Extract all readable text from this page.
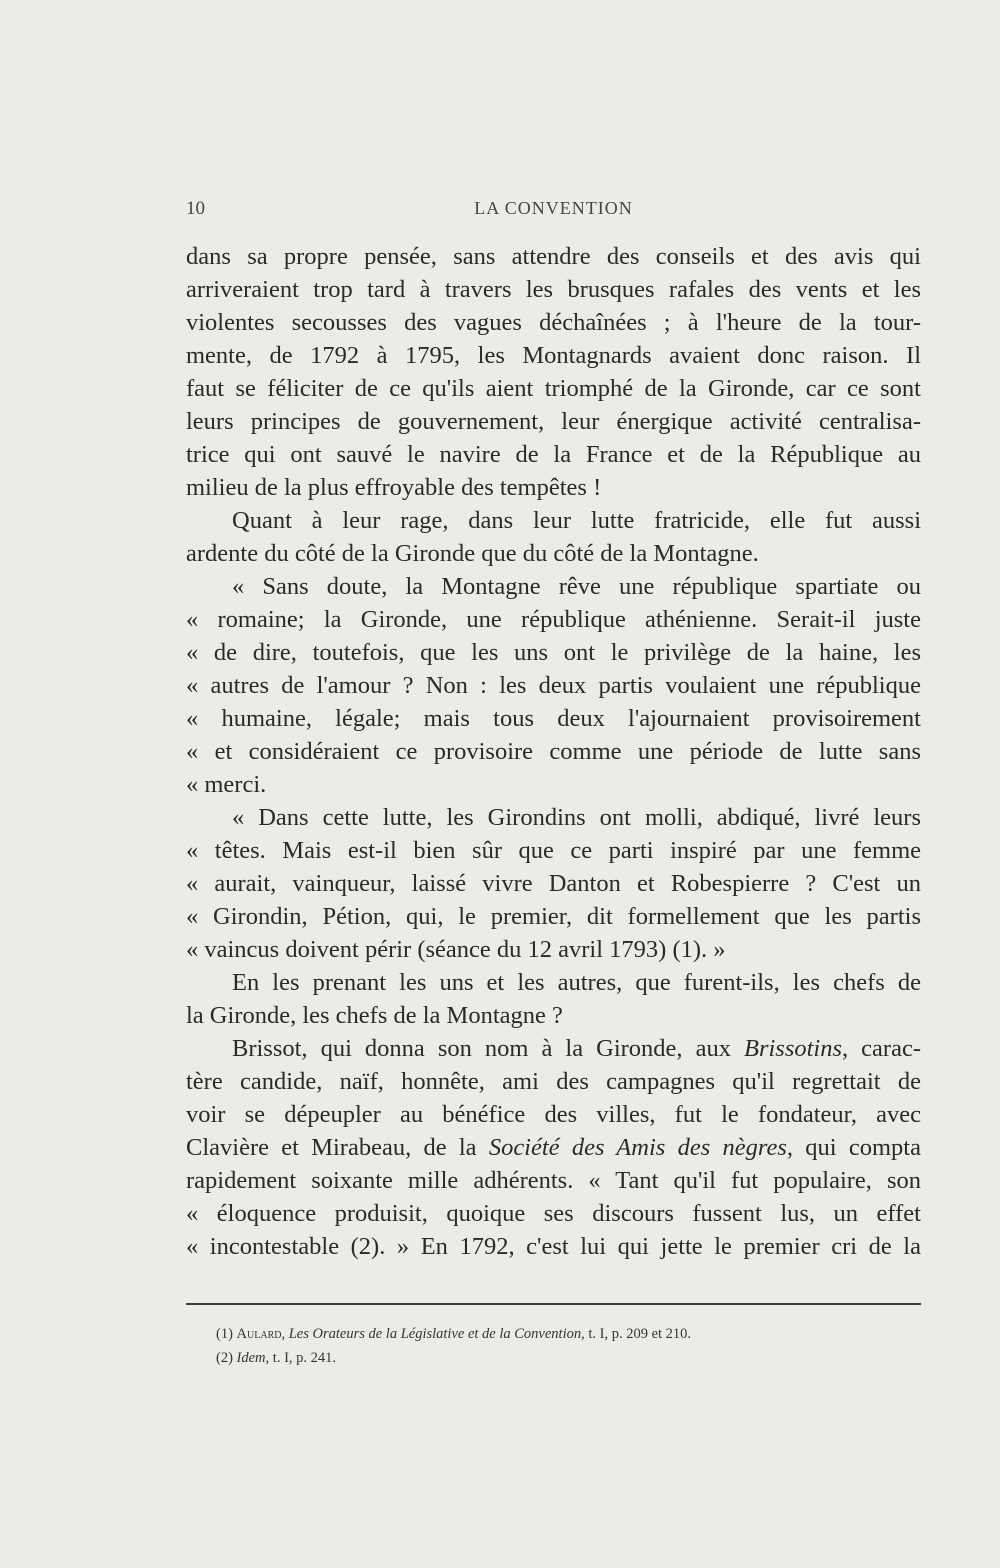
10	LA CONVENTION
dans sa propre pensée, sans attendre des conseils et des avis qui
arriveraient trop tard à travers les brusques rafales des vents et les
violentes secousses des vagues déchaînées ; à l'heure de la tour-
mente, de 1792 à 1795, les Montagnards avaient donc raison. Il
faut se féliciter de ce qu'ils aient triomphé de la Gironde, car ce sont
leurs principes de gouvernement, leur énergique activité centralisa-
trice qui ont sauvé le navire de la France et de la République au
milieu de la plus effroyable des tempêtes !
Quant à leur rage, dans leur lutte fratricide, elle fut aussi
ardente du côté de la Gironde que du côté de la Montagne.
« Sans doute, la Montagne rêve une république spartiate ou
« romaine; la Gironde, une république athénienne. Serait-il juste
« de dire, toutefois, que les uns ont le privilège de la haine, les
« autres de l'amour ? Non : les deux partis voulaient une république
« humaine, légale; mais tous deux l'ajournaient provisoirement
« et considéraient ce provisoire comme une période de lutte sans
« merci.
« Dans cette lutte, les Girondins ont molli, abdiqué, livré leurs
« têtes. Mais est-il bien sûr que ce parti inspiré par une femme
« aurait, vainqueur, laissé vivre Danton et Robespierre ? C'est un
« Girondin, Pétion, qui, le premier, dit formellement que les partis
« vaincus doivent périr (séance du 12 avril 1793) (1). »
En les prenant les uns et les autres, que furent-ils, les chefs de
la Gironde, les chefs de la Montagne ?
Brissot, qui donna son nom à la Gironde, aux Brissotins, carac-
tère candide, naïf, honnête, ami des campagnes qu'il regrettait de
voir se dépeupler au bénéfice des villes, fut le fondateur, avec
Clavière et Mirabeau, de la Société des Amis des nègres, qui compta
rapidement soixante mille adhérents. « Tant qu'il fut populaire, son
« éloquence produisit, quoique ses discours fussent lus, un effet
« incontestable (2). » En 1792, c'est lui qui jette le premier cri de la
(1) Aulard, Les Orateurs de la Législative et de la Convention, t. I, p. 209 et 210.
(2) Idem, t. I, p. 241.
